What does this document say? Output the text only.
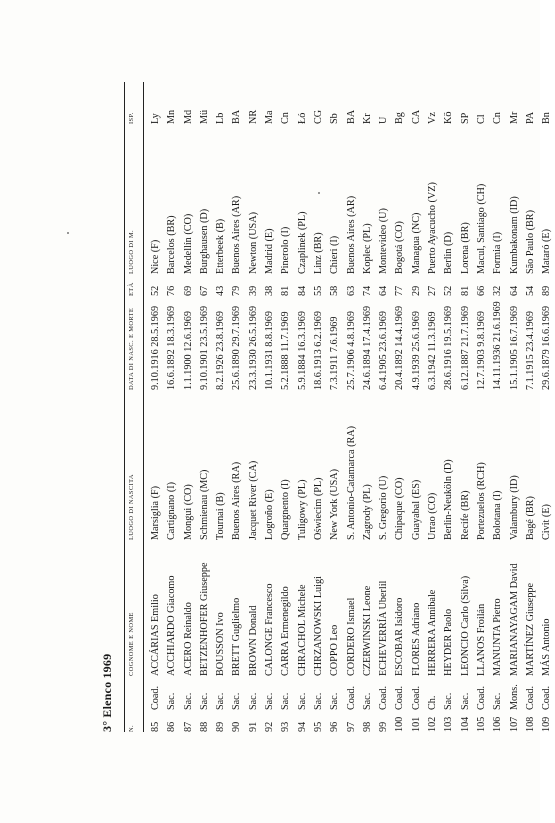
3° Elenco 1969 N.
COGNOME E NOME
LUOGO DI NASCITA
DATA DI NASC. E MORTE
ETÀ
LUOGO DI M.
ISP.
85
Coad.
ACCÁRIAS Emilio
Marsiglia (F)
9.10.1916 28.5.1969
52
Nice (F)
Ly
86
Sac.
ACCHIARDO Giacomo
Cartignano (I)
16.6.1892 18.3.1969
76
Barcelos (BR)
Mn
87
Sac.
ACERO Reinaldo
Mongui (CO)
1.1.1900 12.6.1969
69
Medellín (CO)
Md
88
Sac.
BETZENHOFER Giuseppe
Schmienau (MC)
9.10.1901 23.5.1969
67
Burghausen (D)
Mü
89
Sac.
BOUSSON Ivo
Tournai (B)
8.2.1926 23.8.1969
43
Etterbeek (B)
Lb
90
Sac.
BRETT Guglielmo
Buenos Aires (RA)
25.6.1890 29.7.1969
79
Buenos Aires (AR)
BA
91
Sac.
BROWN Donald
Jacquet River (CA)
23.3.1930 26.5.1969
39
Newton (USA)
NR
92
Sac.
CALONGE Francesco
Logroño (E)
10.1.1931 8.8.1969
38
Madrid (E)
Ma
93
Sac.
CARRA Ermenegildo
Quargnento (I)
5.2.1888 11.7.1969
81
Pinerolo (I)
Cn
94
Sac.
CHRACHOL Michele
Tuligowy (PL)
5.9.1884 16.3.1969
84
Czaplinek (PL)
Łó
95
Sac.
CHRZANOWSKI Luigi
Oświecim (PL)
18.6.1913 6.2.1969
55
Linz (BR)
CG
96
Sac.
COPPO Leo
New York (USA)
7.3.1911 7.6.1969
58
Chieri (I)
Sb
97
Coad.
CORDERO Ismael
S. Antonio-Catamarca (RA)
25.7.1906 4.8.1969
63
Buenos Aires (AR)
BA
98
Sac.
CZERWINSKI Leone
Zagrody (PL)
24.6.1894 17.4.1969
74
Koplec (PL)
Kr
99
Coad.
ECHEVERRÍA Uberlil
S. Gregorio (U)
6.4.1905 23.6.1969
64
Montevideo (U)
U
100
Coad.
ESCOBAR Isidoro
Chipaque (CO)
20.4.1892 14.4.1969
77
Bogotá (CO)
Bg
101
Coad.
FLORES Adriano
Guayabal (ES)
4.9.1939 25.6.1969
29
Managua (NC)
CA
102
Ch.
HERRERA Annibale
Urrao (CO)
6.3.1942 11.3.1969
27
Puerto Ayacucho (VZ)
Vz
103
Sac.
HEYDER Paolo
Berlin-Neuköln (D)
28.6.1916 19.5.1969
52
Berlin (D)
Kö
104
Sac.
LEONCIO Carlo (Silva)
Recife (BR)
6.12.1887 21.7.1969
81
Lorena (BR)
SP
105
Coad.
LLANOS Froilán
Portezuelos (RCH)
12.7.1903 9.8.1969
66
Macul, Santiago (CH)
Cl
106
Sac.
MANUNTA Pietro
Bolotana (I)
14.11.1936 21.6.1969
32
Formia (I)
Cn
107
Mons.
MARIANAYAGAM David
Valambury (ID)
15.1.1905 16.7.1969
64
Kumbakonam (ID)
Mr
108
Coad.
MARTÍNEZ Giuseppe
Bagé (BR)
7.1.1915 23.4.1969
54
São Paulo (BR)
PA
109
Coad.
MÁS Antonio
Civit (E)
29.6.1879 16.6.1969
89
Mataró (E)
Bn
